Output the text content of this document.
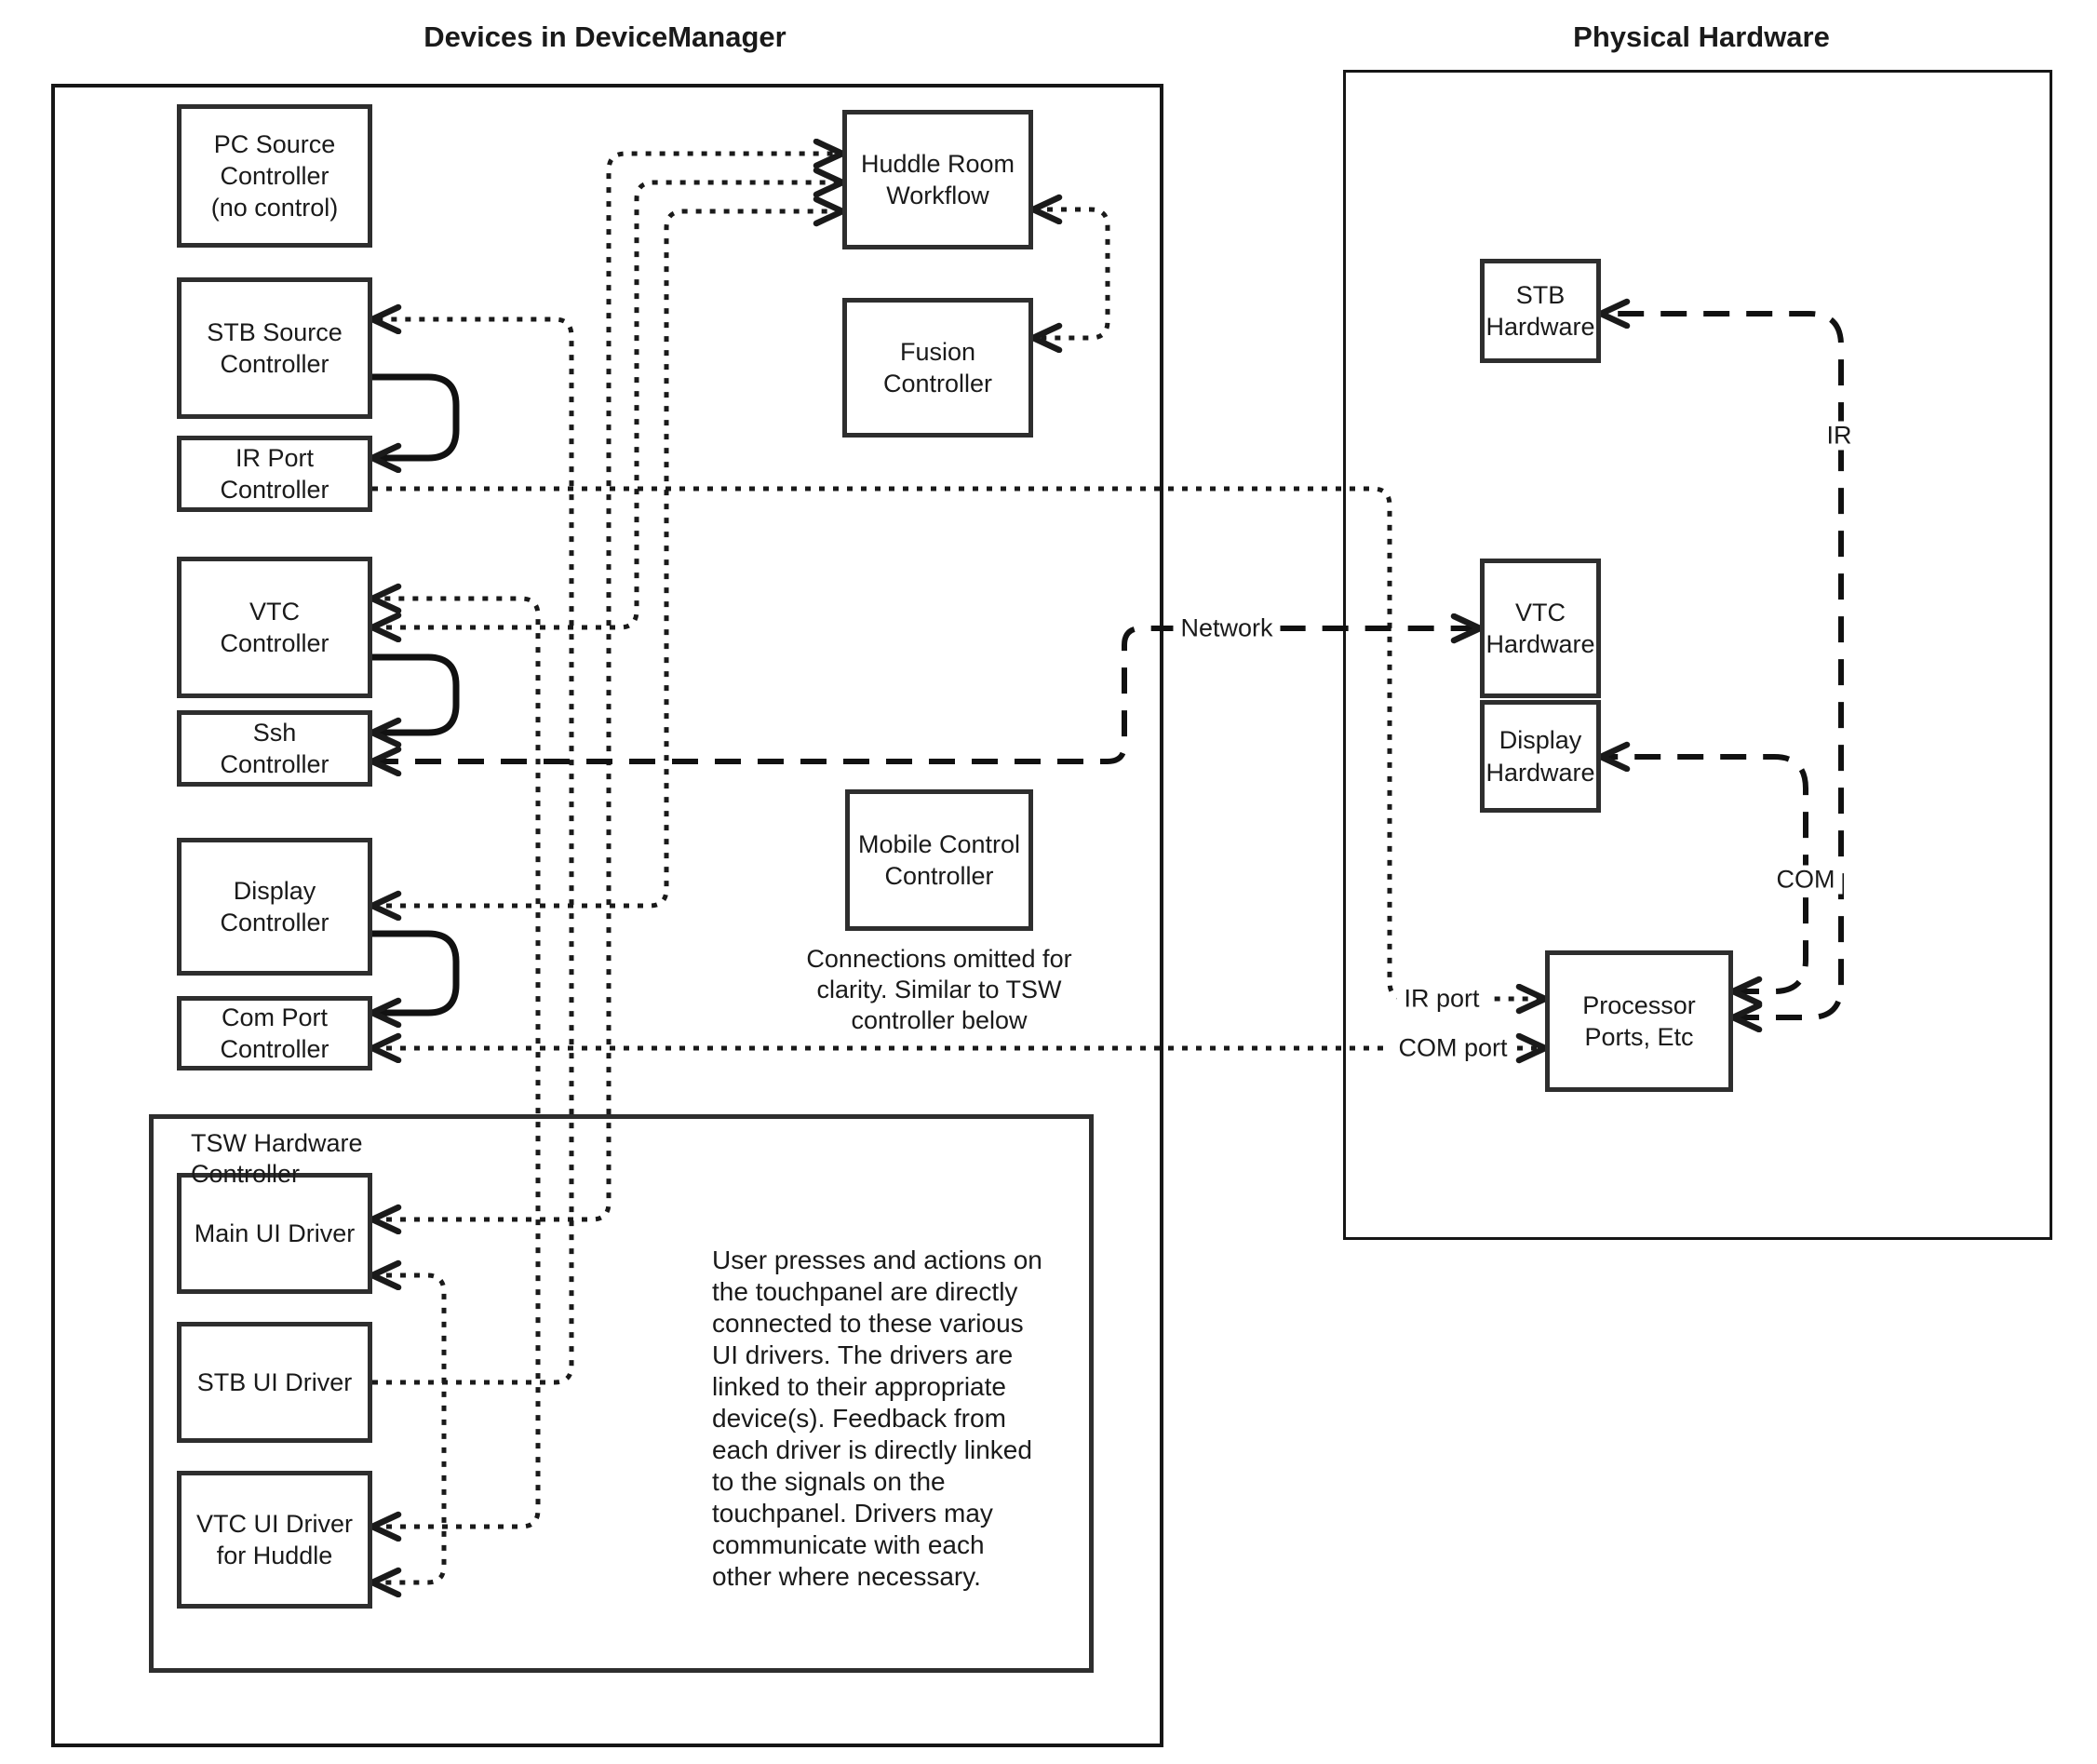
Devices in DeviceManager	Physical Hardware
TSW Hardware
Controller
PC Source
Controller
(no control)
STB Source
Controller
IR Port
Controller
VTC
Controller
Ssh
Controller
Display
Controller
Com Port
Controller
Huddle Room
Workflow
Fusion
Controller
Mobile Control
Controller
Main UI Driver
STB UI Driver
VTC UI Driver
for Huddle
STB
Hardware
VTC
Hardware
Display
Hardware
Processor
Ports, Etc
Network
IR
COM
IR port
COM port
Connections omitted for
clarity. Similar to TSW
controller below
User presses and actions on
the touchpanel are directly
connected to these various
UI drivers. The drivers are
linked to their appropriate
device(s). Feedback from
each driver is directly linked
to the signals on the
touchpanel. Drivers may
communicate with each
other where necessary.
